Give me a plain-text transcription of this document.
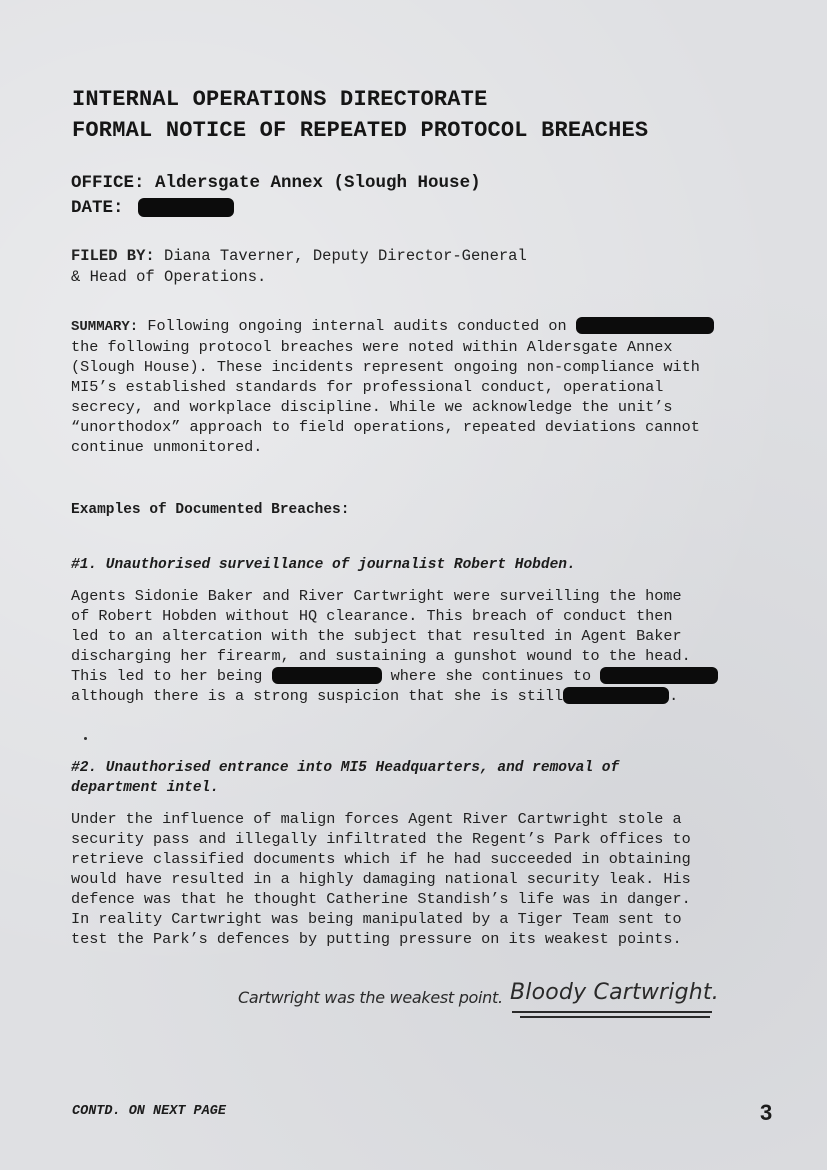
INTERNAL OPERATIONS DIRECTORATE
FORMAL NOTICE OF REPEATED PROTOCOL BREACHES
OFFICE: Aldersgate Annex (Slough House)
DATE:
FILED BY: Diana Taverner, Deputy Director-General
& Head of Operations.
SUMMARY: Following ongoing internal audits conducted on
the following protocol breaches were noted within Aldersgate Annex
(Slough House). These incidents represent ongoing non-compliance with
MI5’s established standards for professional conduct, operational
secrecy, and workplace discipline. While we acknowledge the unit’s
“unorthodox” approach to field operations, repeated deviations cannot
continue unmonitored.
Examples of Documented Breaches:
#1. Unauthorised surveillance of journalist Robert Hobden.
Agents Sidonie Baker and River Cartwright were surveilling the home
of Robert Hobden without HQ clearance. This breach of conduct then
led to an altercation with the subject that resulted in Agent Baker
discharging her firearm, and sustaining a gunshot wound to the head.
This led to her being	where she continues to
although there is a strong suspicion that she is still	.
#2. Unauthorised entrance into MI5 Headquarters, and removal of
department intel.
Under the influence of malign forces Agent River Cartwright stole a
security pass and illegally infiltrated the Regent’s Park offices to
retrieve classified documents which if he had succeeded in obtaining
would have resulted in a highly damaging national security leak. His
defence was that he thought Catherine Standish’s life was in danger.
In reality Cartwright was being manipulated by a Tiger Team sent to
test the Park’s defences by putting pressure on its weakest points.
Cartwright was the weakest point. Bloody Cartwright.
CONTD. ON NEXT PAGE	3
